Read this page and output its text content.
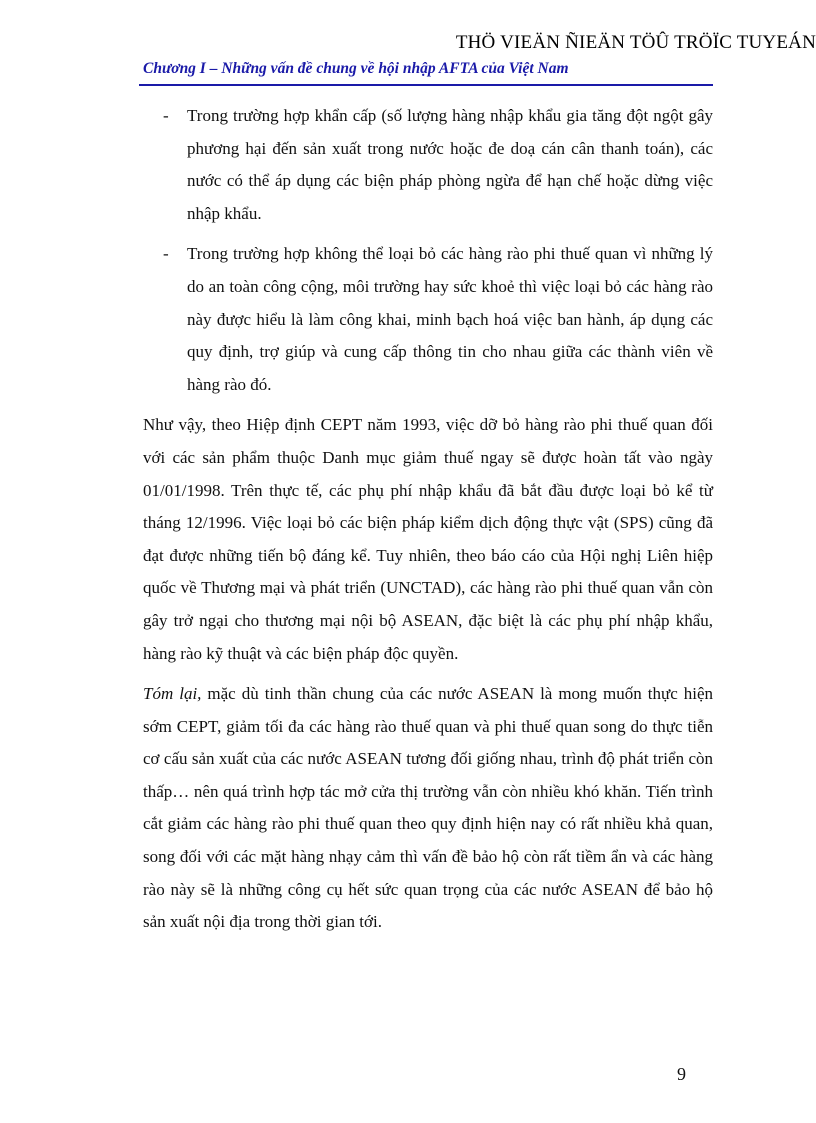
THÖ VIEÄN ÑIEÄN TÖÛ TRÖÏC TUYEÁN
Chương I – Những vấn đề chung về hội nhập AFTA của Việt Nam
-	Trong trường hợp khẩn cấp (số lượng hàng nhập khẩu gia tăng đột ngột gây phương hại đến sản xuất trong nước hoặc đe doạ cán cân thanh toán), các nước có thể áp dụng các biện pháp phòng ngừa để hạn chế hoặc dừng việc nhập khẩu.
-	Trong trường hợp không thể loại bỏ các hàng rào phi thuế quan vì những lý do an toàn công cộng, môi trường hay sức khoẻ thì việc loại bỏ các hàng rào này được hiểu là làm công khai, minh bạch hoá việc ban hành, áp dụng các quy định, trợ giúp và cung cấp thông tin cho nhau giữa các thành viên về hàng rào đó.

Như vậy, theo Hiệp định CEPT năm 1993, việc dỡ bỏ hàng rào phi thuế quan đối với các sản phẩm thuộc Danh mục giảm thuế ngay sẽ được hoàn tất vào ngày 01/01/1998. Trên thực tế, các phụ phí nhập khẩu đã bắt đầu được loại bỏ kể từ tháng 12/1996. Việc loại bỏ các biện pháp kiểm dịch động thực vật (SPS) cũng đã đạt được những tiến bộ đáng kể. Tuy nhiên, theo báo cáo của Hội nghị Liên hiệp quốc về Thương mại và phát triển (UNCTAD), các hàng rào phi thuế quan vẫn còn gây trở ngại cho thương mại nội bộ ASEAN, đặc biệt là các phụ phí nhập khẩu, hàng rào kỹ thuật và các biện pháp độc quyền.

Tóm lại, mặc dù tinh thần chung của các nước ASEAN là mong muốn thực hiện sớm CEPT, giảm tối đa các hàng rào thuế quan và phi thuế quan song do thực tiễn cơ cấu sản xuất của các nước ASEAN tương đối giống nhau, trình độ phát triển còn thấp… nên quá trình hợp tác mở cửa thị trường vẫn còn nhiều khó khăn. Tiến trình cắt giảm các hàng rào phi thuế quan theo quy định hiện nay có rất nhiều khả quan, song đối với các mặt hàng nhạy cảm thì vấn đề bảo hộ còn rất tiềm ẩn và các hàng rào này sẽ là những công cụ hết sức quan trọng của các nước ASEAN để bảo hộ sản xuất nội địa trong thời gian tới.

9
